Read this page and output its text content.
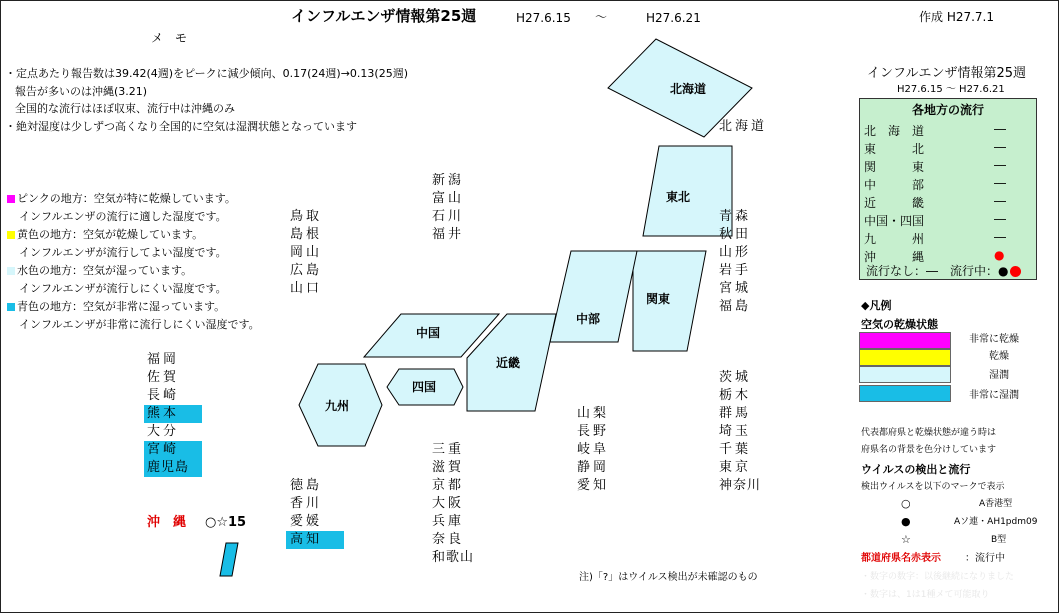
インフルエンザ情報第25週	H27.6.15 ～	H27.6.21	作成 H27.7.1
メ　モ
・定点あたり報告数は39.42(4週)をピークに減少傾向、0.17(24週)→0.13(25週)
報告が多いのは沖縄(3.21)
全国的な流行はほぼ収束、流行中は沖縄のみ
・絶対湿度は少しずつ高くなり全国的に空気は湿潤状態となっています
ピンクの地方：空気が特に乾燥しています。
インフルエンザの流行に適した湿度です。
黄色の地方：空気が乾燥しています。
インフルエンザが流行してよい湿度です。
水色の地方：空気が湿っています。
インフルエンザが流行しにくい湿度です。
青色の地方：空気が非常に湿っています。
インフルエンザが非常に流行しにくい湿度です。
北海道
東北
関東
中部
近畿
中国
四国
九州
北海道
青森
秋田
山形
岩手
宮城
福島
新潟
富山
石川
福井
鳥取
島根
岡山
広島
山口
福岡
佐賀
長崎
熊本
大分
宮崎
鹿児島
山梨
長野
岐阜
静岡
愛知
茨城
栃木
群馬
埼玉
千葉
東京
神奈川
三重
滋賀
京都
大阪
兵庫
奈良
和歌山
徳島
香川
愛媛
高知
沖　縄 ○☆15
注)「?」はウイルス検出が未確認のもの
インフルエンザ情報第25週
H27.6.15 ～ H27.6.21
各地方の流行
北　海　道	―
東　　　北	―
関　　　東	―
中　　　部	―
近　　　畿	―
中国・四国	―
九　　　州	―
沖　　　縄	●
流行なし：―　流行中：●
◆凡例
空気の乾燥状態
非常に乾燥
乾燥
湿潤
非常に湿潤
代表都府県と乾燥状態が違う時は
府県名の背景を色分けしています
ウイルスの検出と流行
検出ウイルスを以下のマークで表示
○	A香港型
●	Aソ連・AH1pdm09
☆	B型
都道府県名赤表示 ：流行中
・数字の数字：以後継続になりました
・数字は、1は1種メて可能取り
